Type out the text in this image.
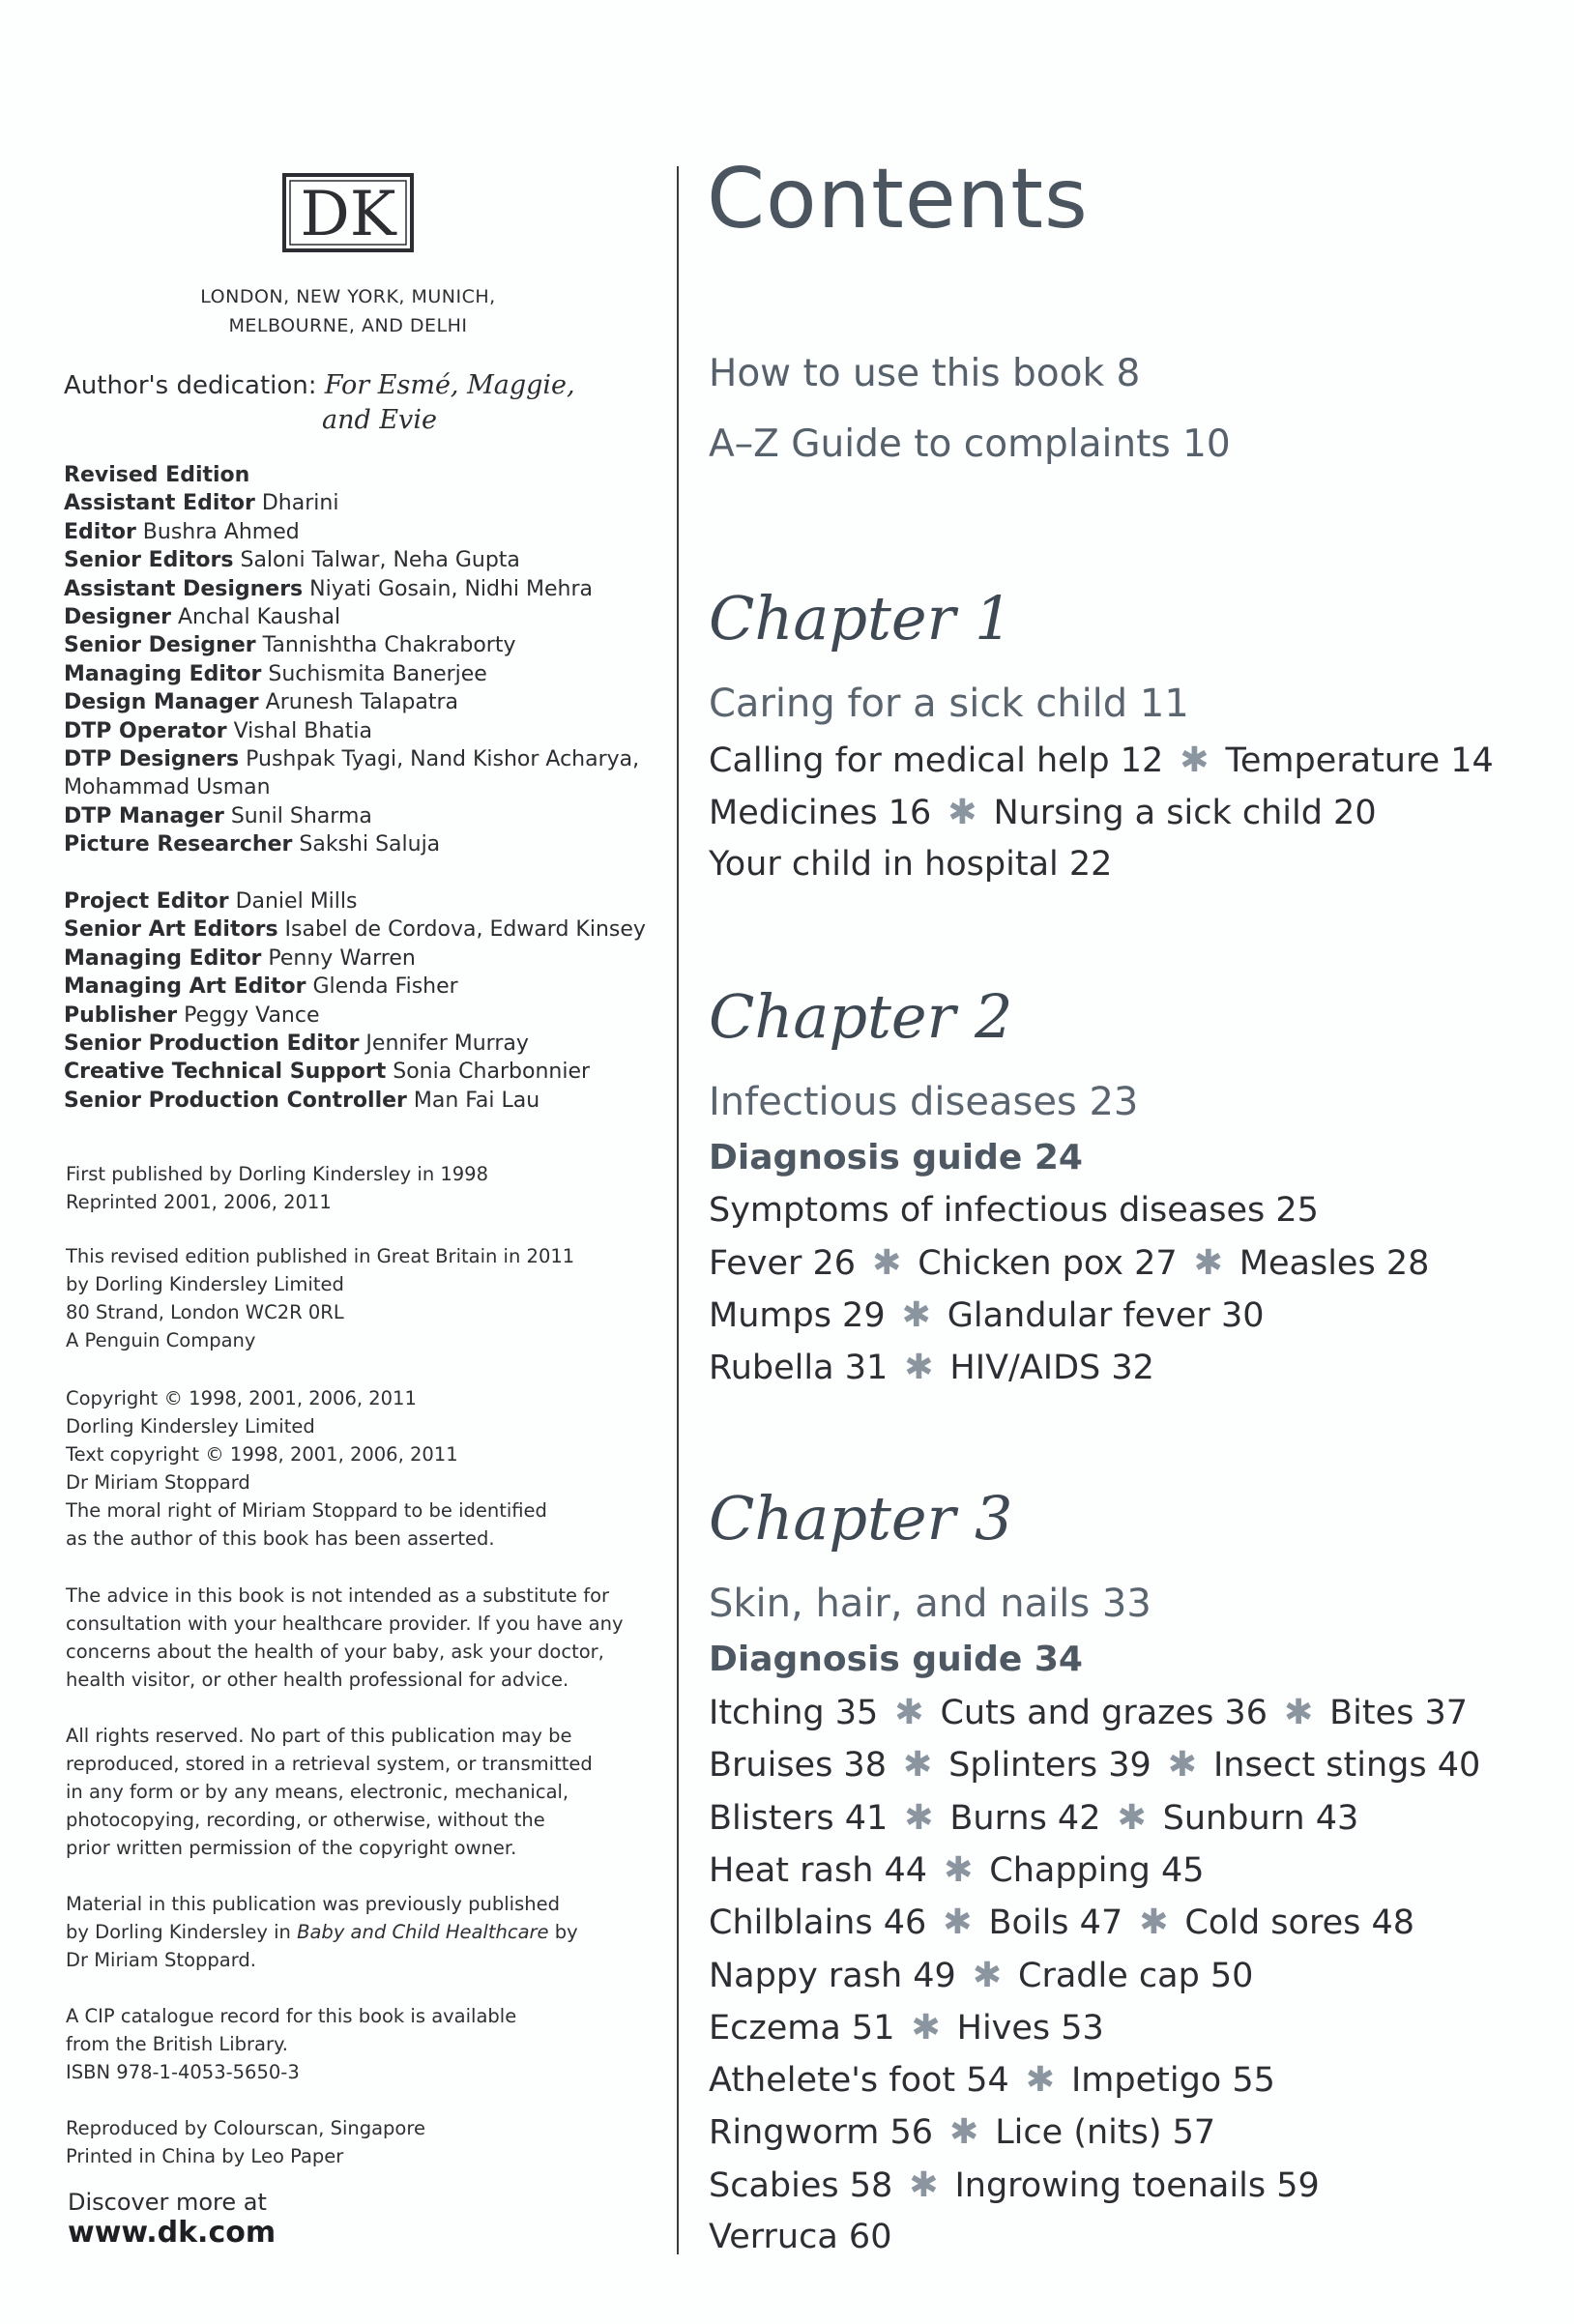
DK
LONDON, NEW YORK, MUNICH,
MELBOURNE, AND DELHI
Author's dedication: For Esmé, Maggie,
and Evie
Revised Edition
Assistant Editor Dharini
Editor Bushra Ahmed
Senior Editors Saloni Talwar, Neha Gupta
Assistant Designers Niyati Gosain, Nidhi Mehra
Designer Anchal Kaushal
Senior Designer Tannishtha Chakraborty
Managing Editor Suchismita Banerjee
Design Manager Arunesh Talapatra
DTP Operator Vishal Bhatia
DTP Designers Pushpak Tyagi, Nand Kishor Acharya,
Mohammad Usman
DTP Manager Sunil Sharma
Picture Researcher Sakshi Saluja
Project Editor Daniel Mills
Senior Art Editors Isabel de Cordova, Edward Kinsey
Managing Editor Penny Warren
Managing Art Editor Glenda Fisher
Publisher Peggy Vance
Senior Production Editor Jennifer Murray
Creative Technical Support Sonia Charbonnier
Senior Production Controller Man Fai Lau

First published by Dorling Kindersley in 1998

Reprinted 2001, 2006, 2011

This revised edition published in Great Britain in 2011

by Dorling Kindersley Limited

80 Strand, London WC2R 0RL

A Penguin Company

Copyright © 1998, 2001, 2006, 2011

Dorling Kindersley Limited

Text copyright © 1998, 2001, 2006, 2011

Dr Miriam Stoppard

The moral right of Miriam Stoppard to be identified

as the author of this book has been asserted.

The advice in this book is not intended as a substitute for

consultation with your healthcare provider. If you have any

concerns about the health of your baby, ask your doctor,

health visitor, or other health professional for advice.

All rights reserved. No part of this publication may be

reproduced, stored in a retrieval system, or transmitted

in any form or by any means, electronic, mechanical,

photocopying, recording, or otherwise, without the

prior written permission of the copyright owner.

Material in this publication was previously published

by Dorling Kindersley in Baby and Child Healthcare by

Dr Miriam Stoppard.

A CIP catalogue record for this book is available

from the British Library.

ISBN 978-1-4053-5650-3

Reproduced by Colourscan, Singapore

Printed in China by Leo Paper

Discover more at
www.dk.com
Contents
How to use this book 8
A–Z Guide to complaints 10
Chapter 1
Caring for a sick child 11
Calling for medical help 12 ✱ Temperature 14
Medicines 16 ✱ Nursing a sick child 20
Your child in hospital 22
Chapter 2
Infectious diseases 23
Diagnosis guide 24
Symptoms of infectious diseases 25
Fever 26 ✱ Chicken pox 27 ✱ Measles 28
Mumps 29 ✱ Glandular fever 30
Rubella 31 ✱ HIV/AIDS 32
Chapter 3
Skin, hair, and nails 33
Diagnosis guide 34
Itching 35 ✱ Cuts and grazes 36 ✱ Bites 37
Bruises 38 ✱ Splinters 39 ✱ Insect stings 40
Blisters 41 ✱ Burns 42 ✱ Sunburn 43
Heat rash 44 ✱ Chapping 45
Chilblains 46 ✱ Boils 47 ✱ Cold sores 48
Nappy rash 49 ✱ Cradle cap 50
Eczema 51 ✱ Hives 53
Athelete's foot 54 ✱ Impetigo 55
Ringworm 56 ✱ Lice (nits) 57
Scabies 58 ✱ Ingrowing toenails 59
Verruca 60
